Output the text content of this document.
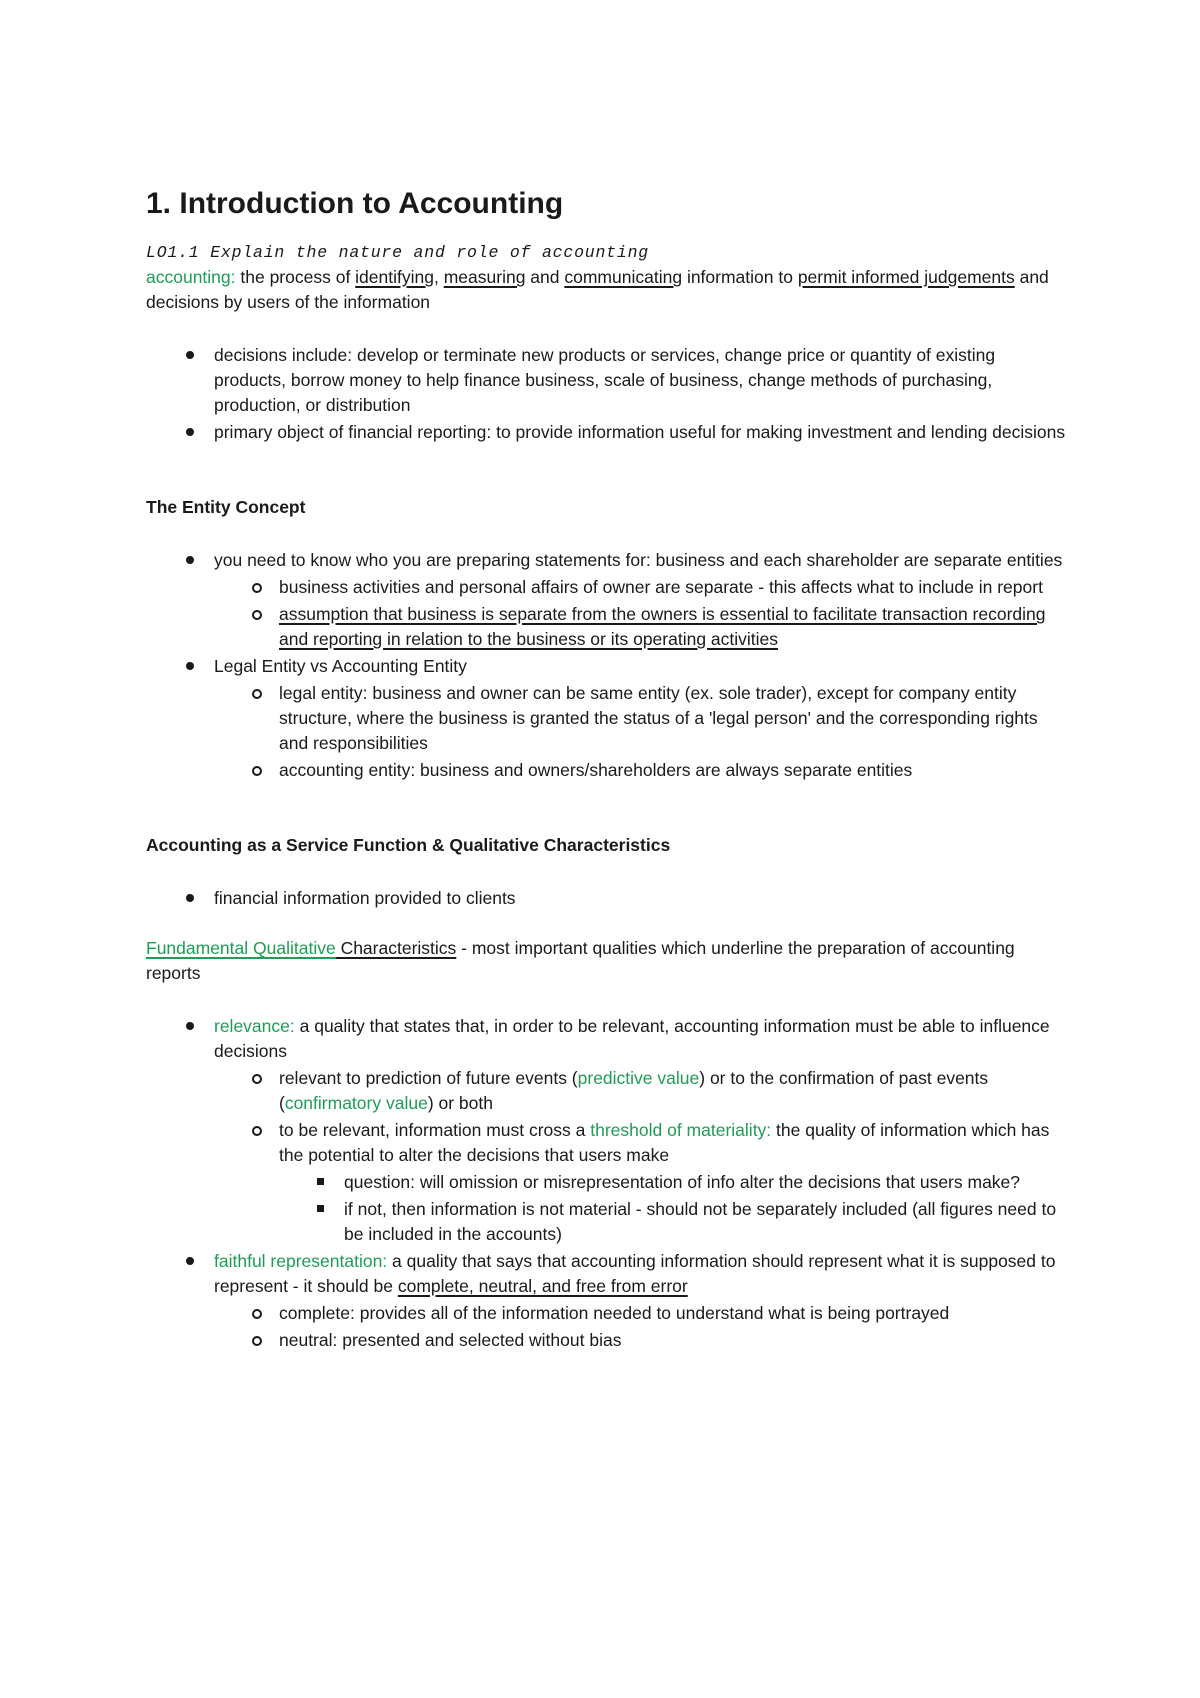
1. Introduction to Accounting

LO1.1 Explain the nature and role of accounting

accounting: the process of identifying, measuring and communicating information to permit informed judgements and decisions by users of the information

decisions include: develop or terminate new products or services, change price or quantity of existing products, borrow money to help finance business, scale of business, change methods of purchasing, production, or distribution
primary object of financial reporting: to provide information useful for making investment and lending decisions
The Entity Concept
you need to know who you are preparing statements for: business and each shareholder are separate entities
business activities and personal affairs of owner are separate - this affects what to include in report
assumption that business is separate from the owners is essential to facilitate transaction recording and reporting in relation to the business or its operating activities
Legal Entity vs Accounting Entity
legal entity: business and owner can be same entity (ex. sole trader), except for company entity structure, where the business is granted the status of a 'legal person' and the corresponding rights and responsibilities
accounting entity: business and owners/shareholders are always separate entities
Accounting as a Service Function & Qualitative Characteristics
financial information provided to clients

Fundamental Qualitative Characteristics - most important qualities which underline the preparation of accounting reports

relevance: a quality that states that, in order to be relevant, accounting information must be able to influence decisions
relevant to prediction of future events (predictive value) or to the confirmation of past events (confirmatory value) or both
to be relevant, information must cross a threshold of materiality: the quality of information which has the potential to alter the decisions that users make
question: will omission or misrepresentation of info alter the decisions that users make?
if not, then information is not material - should not be separately included (all figures need to be included in the accounts)
faithful representation: a quality that says that accounting information should represent what it is supposed to represent - it should be complete, neutral, and free from error
complete: provides all of the information needed to understand what is being portrayed
neutral: presented and selected without bias
